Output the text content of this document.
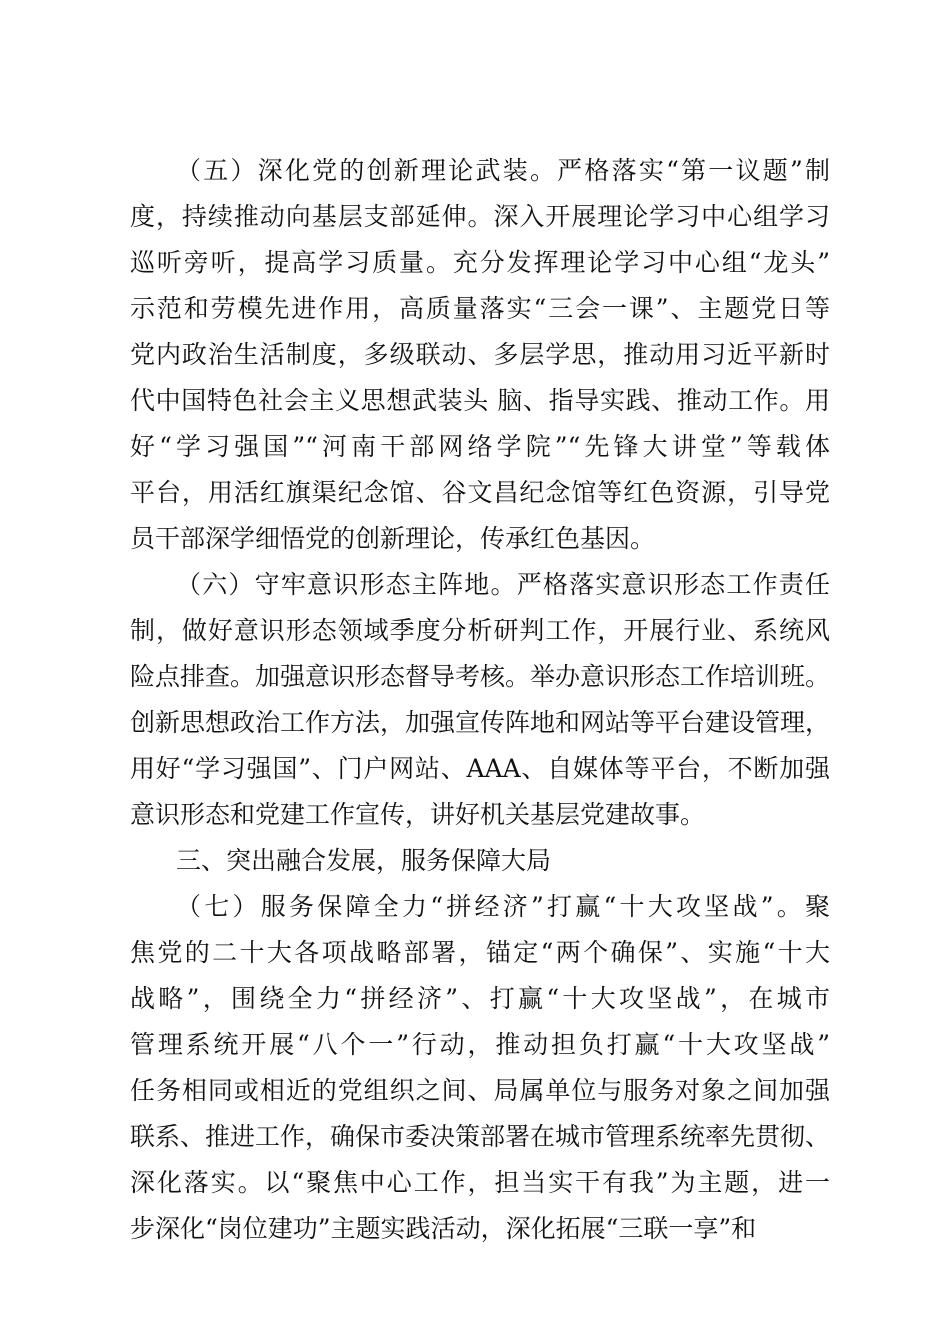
（五）深化党的创新理论武装。严格落实“第一议题”制
度，持续推动向基层支部延伸。深入开展理论学习中心组学习
巡听旁听，提高学习质量。充分发挥理论学习中心组“龙头”
示范和劳模先进作用，高质量落实“三会一课”、主题党日等
党内政治生活制度，多级联动、多层学思，推动用习近平新时
代中国特色社会主义思想武装头 脑、指导实践、推动工作。用
好“学习强国”“河南干部网络学院”“先锋大讲堂”等载体
平台，用活红旗渠纪念馆、谷文昌纪念馆等红色资源，引导党
员干部深学细悟党的创新理论，传承红色基因。
（六）守牢意识形态主阵地。严格落实意识形态工作责任
制，做好意识形态领域季度分析研判工作，开展行业、系统风
险点排查。加强意识形态督导考核。举办意识形态工作培训班。
创新思想政治工作方法，加强宣传阵地和网站等平台建设管理，
用好“学习强国”、门户网站、AAA、自媒体等平台，不断加强
意识形态和党建工作宣传，讲好机关基层党建故事。
三、突出融合发展，服务保障大局
（七）服务保障全力“拼经济”打赢“十大攻坚战”。聚
焦党的二十大各项战略部署，锚定“两个确保”、实施“十大
战略”，围绕全力“拼经济”、打赢“十大攻坚战”，在城市
管理系统开展“八个一”行动，推动担负打赢“十大攻坚战”
任务相同或相近的党组织之间、局属单位与服务对象之间加强
联系、推进工作，确保市委决策部署在城市管理系统率先贯彻、
深化落实。以“聚焦中心工作，担当实干有我”为主题，进一
步深化“岗位建功”主题实践活动，深化拓展“三联一享”和
